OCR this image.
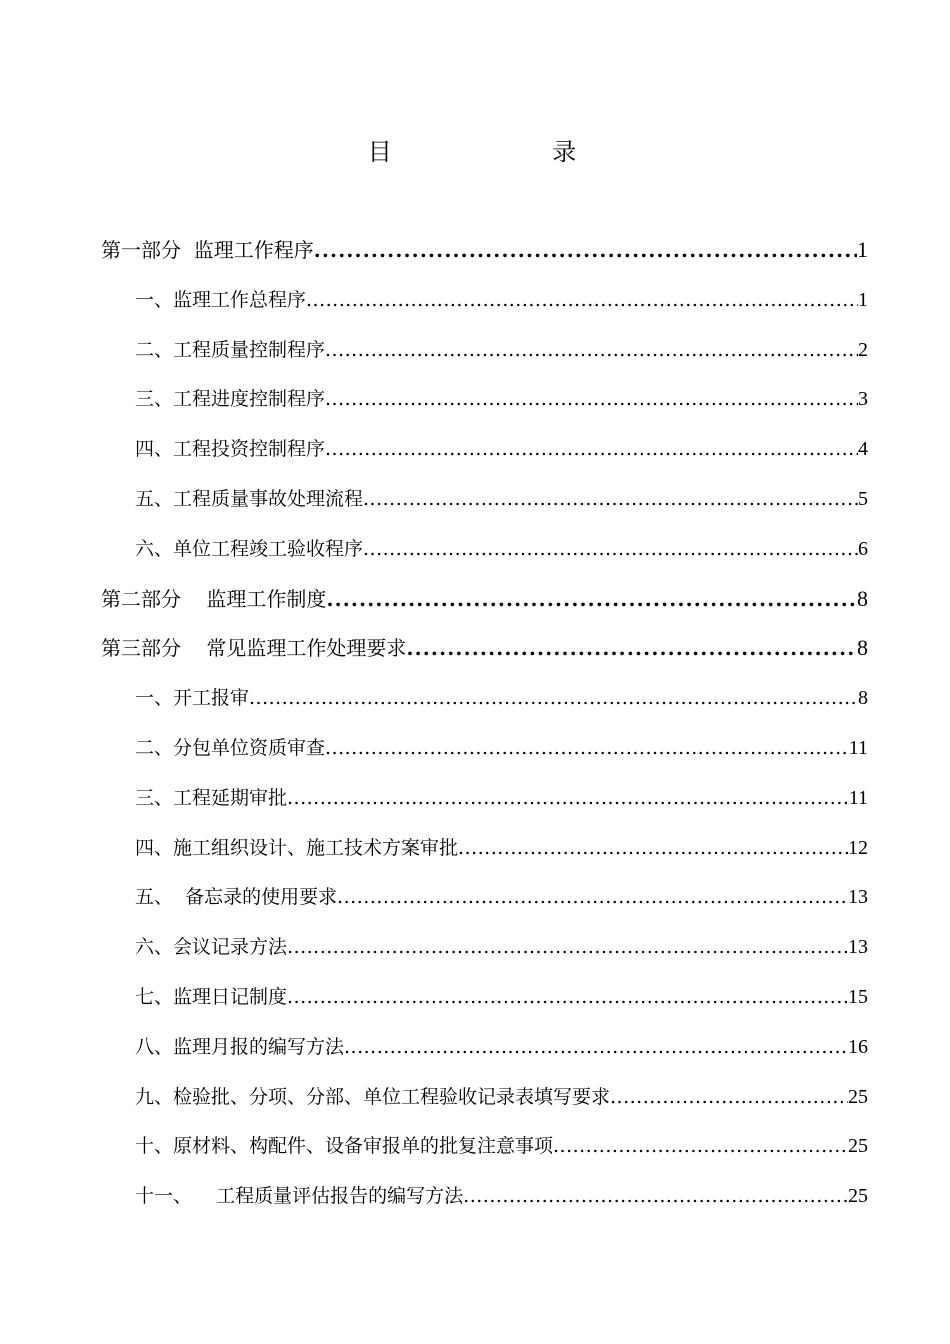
目    录
第一部分  监理工作程序 .....	1
一、监理工作总程序 .....	1
二、工程质量控制程序 .....	2
三、工程进度控制程序 .....	3
四、工程投资控制程序 .....	4
五、工程质量事故处理流程 .....	5
六、单位工程竣工验收程序 .....	6
第二部分    监理工作制度 .....	8
第三部分    常见监理工作处理要求 .....	8
一、开工报审 .....	8
二、分包单位资质审查 .....	11
三、工程延期审批 .....	11
四、施工组织设计、施工技术方案审批 .....	12
五、  备忘录的使用要求 .....	13
六、会议记录方法 .....	13
七、监理日记制度 .....	15
八、监理月报的编写方法 .....	16
九、检验批、分项、分部、单位工程验收记录表填写要求 .....	25
十、原材料、构配件、设备审报单的批复注意事项 .....	25
十一、    工程质量评估报告的编写方法 .....	25
